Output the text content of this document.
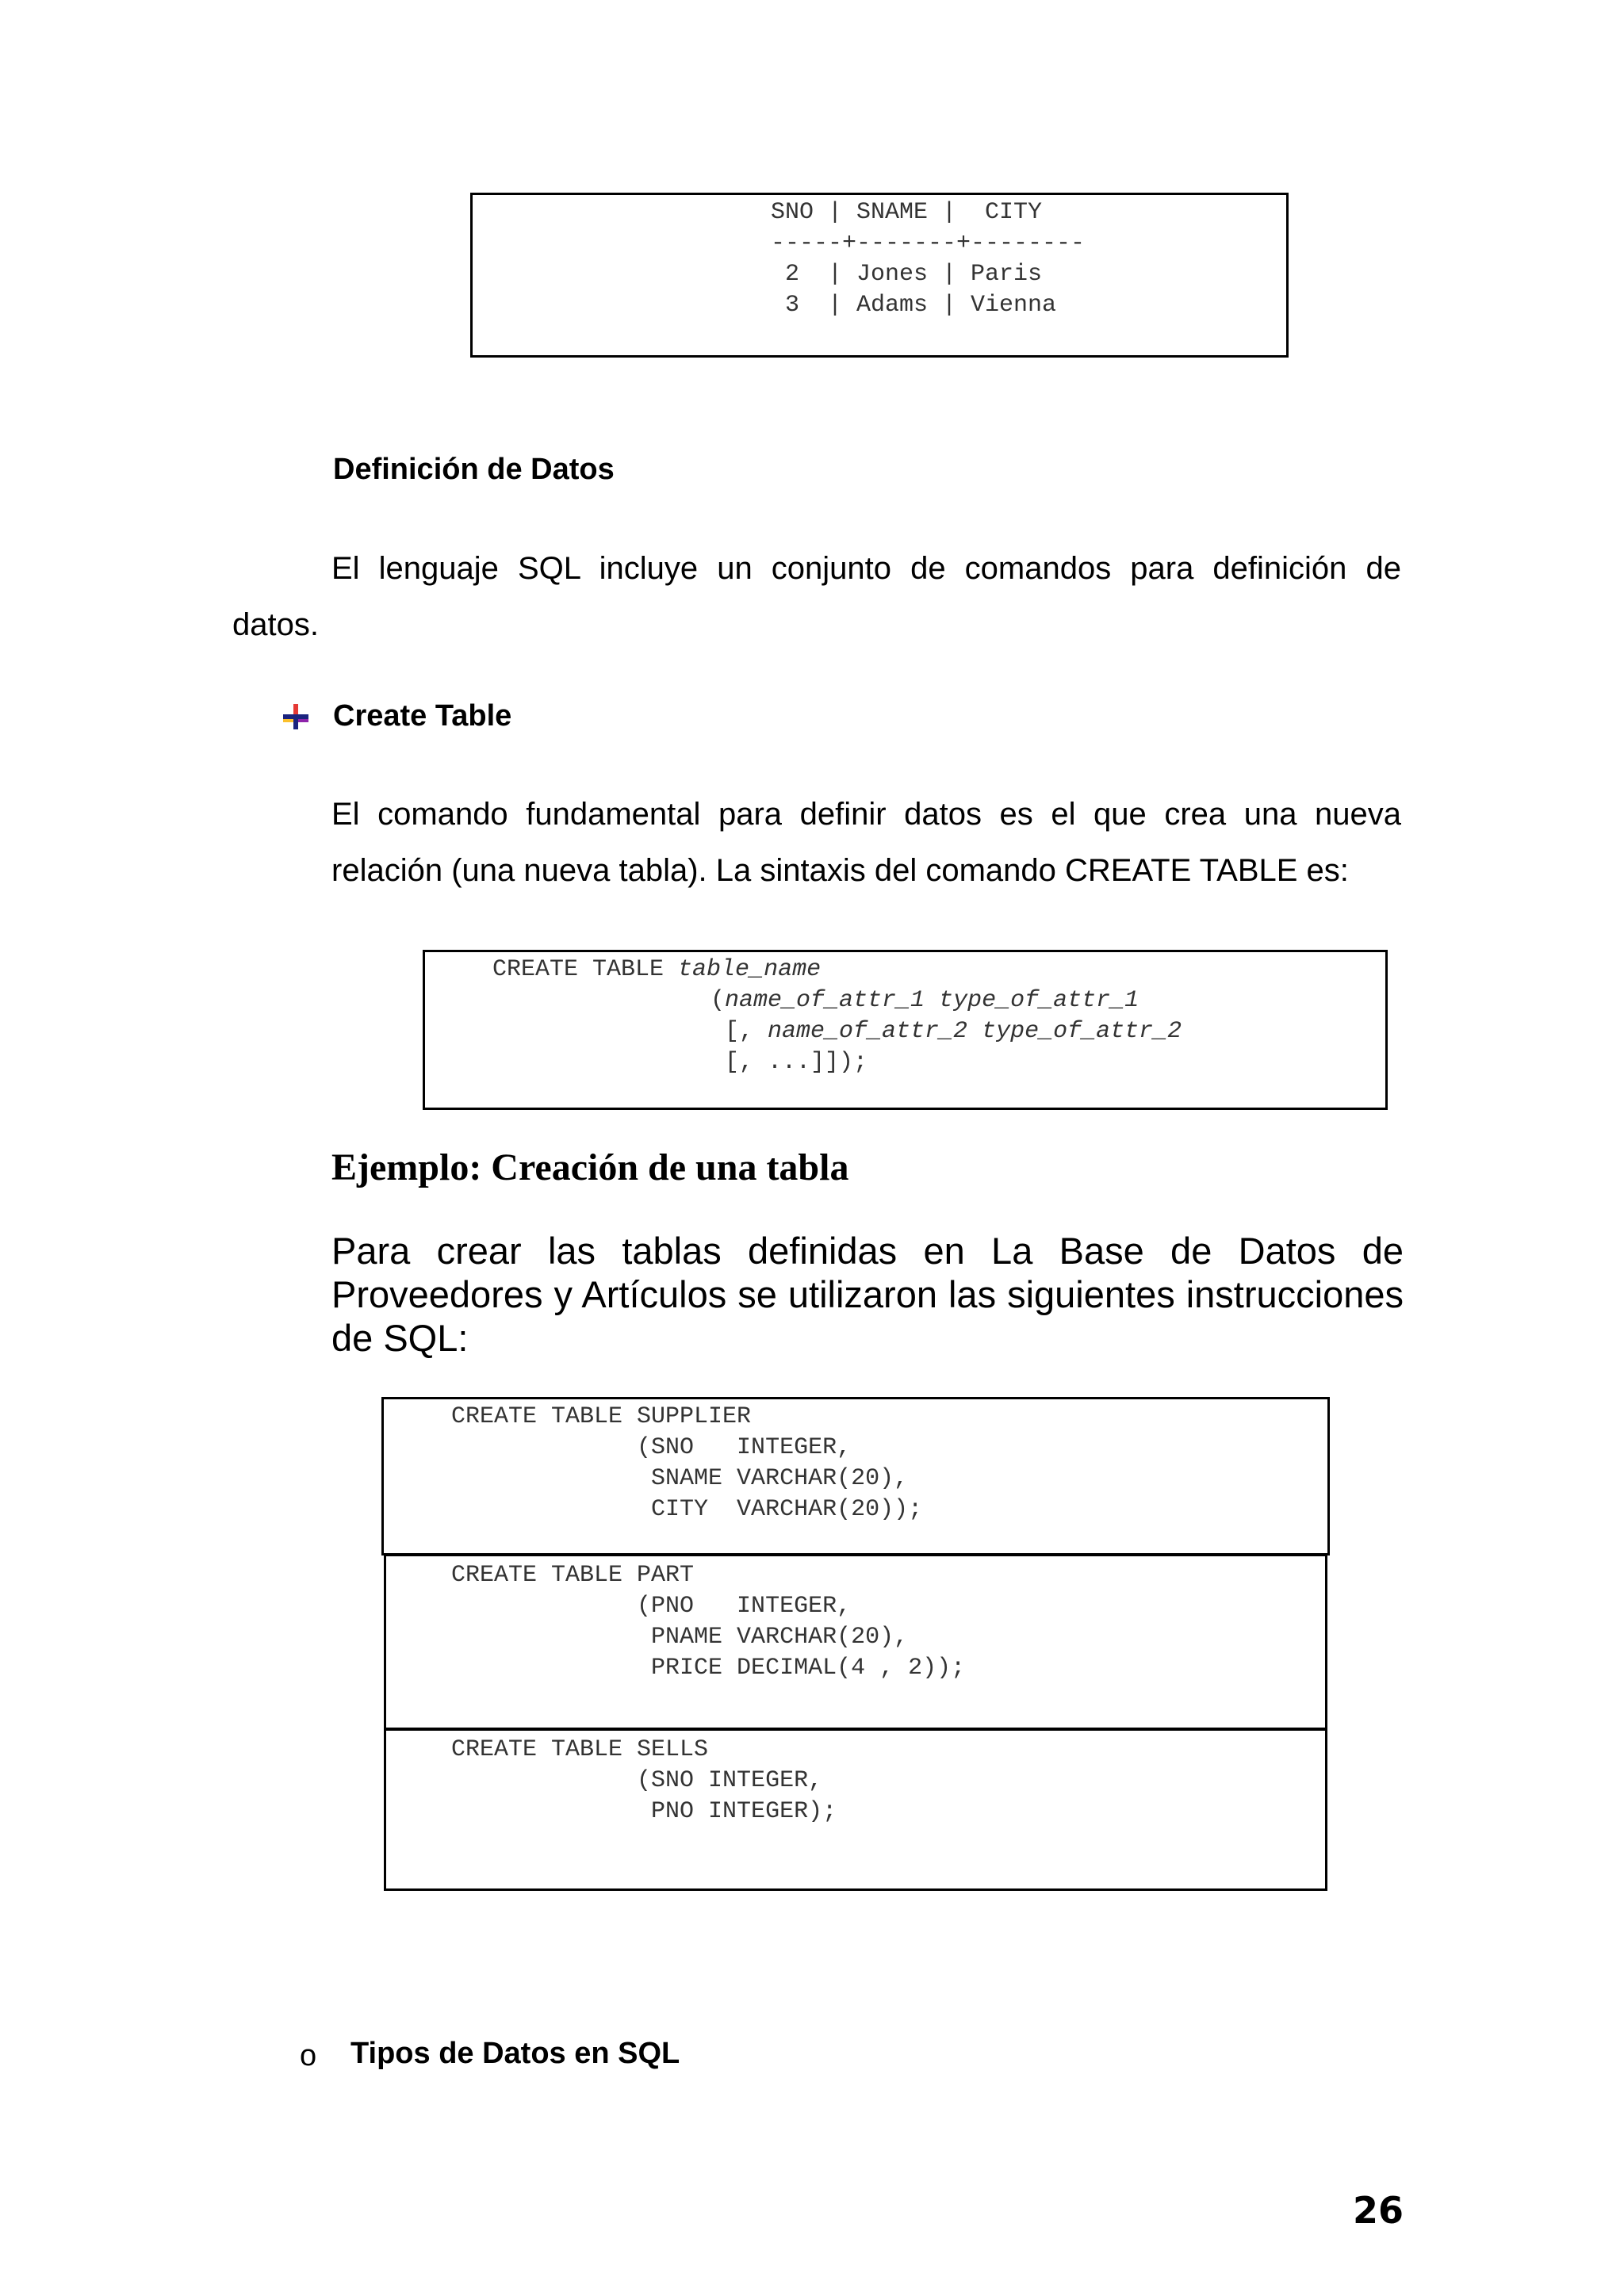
SNO | SNAME |  CITY
-----+-------+--------
2  | Jones | Paris
3  | Adams | Vienna
Definición de Datos
El lenguaje SQL incluye un conjunto de comandos para definición de
datos.
Create Table
El comando fundamental para definir datos es el que crea una nueva
relación (una nueva tabla). La sintaxis del comando CREATE TABLE es:
CREATE TABLE table_name
(name_of_attr_1 type_of_attr_1
[, name_of_attr_2 type_of_attr_2
[, ...]]);
Ejemplo: Creación de una tabla
Para crear las tablas definidas en La Base de Datos de Proveedores y Artículos se utilizaron las siguientes instrucciones de SQL:
CREATE TABLE SUPPLIER
(SNO   INTEGER,
SNAME VARCHAR(20),
CITY  VARCHAR(20));
CREATE TABLE PART
(PNO   INTEGER,
PNAME VARCHAR(20),
PRICE DECIMAL(4 , 2));
CREATE TABLE SELLS
(SNO INTEGER,
PNO INTEGER);
o Tipos de Datos en SQL
26
